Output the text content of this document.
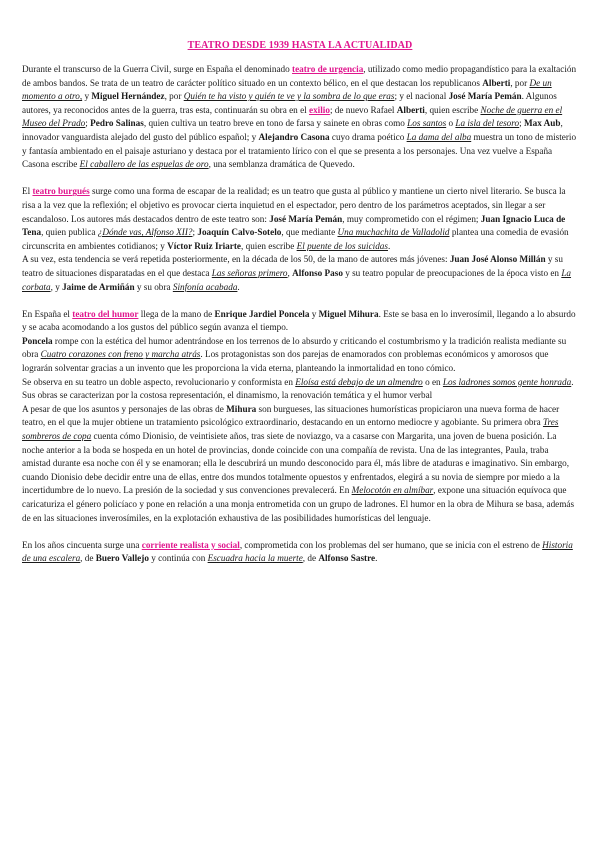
TEATRO DESDE 1939 HASTA LA ACTUALIDAD

Durante el transcurso de la Guerra Civil, surge en España el denominado teatro de urgencia, utilizado como medio propagandístico para la exaltación de ambos bandos. Se trata de un teatro de carácter político situado en un contexto bélico, en el que destacan los republicanos Alberti, por De un momento a otro, y Miguel Hernández, por Quién te ha visto y quién te ve y la sombra de lo que eras; y el nacional José María Pemán. Algunos autores, ya reconocidos antes de la guerra, tras esta, continuarán su obra en el exilio; de nuevo Rafael Alberti, quien escribe Noche de guerra en el Museo del Prado; Pedro Salinas, quien cultiva un teatro breve en tono de farsa y sainete en obras como Los santos o La isla del tesoro; Max Aub, innovador vanguardista alejado del gusto del público español; y Alejandro Casona cuyo drama poético La dama del alba muestra un tono de misterio y fantasía ambientado en el paisaje asturiano y destaca por el tratamiento lírico con el que se presenta a los personajes. Una vez vuelve a España Casona escribe El caballero de las espuelas de oro, una semblanza dramática de Quevedo.

El teatro burgués surge como una forma de escapar de la realidad; es un teatro que gusta al público y mantiene un cierto nivel literario. Se busca la risa a la vez que la reflexión; el objetivo es provocar cierta inquietud en el espectador, pero dentro de los parámetros aceptados, sin llegar a ser escandaloso. Los autores más destacados dentro de este teatro son: José María Pemán, muy comprometido con el régimen; Juan Ignacio Luca de Tena, quien publica ¿Dónde vas, Alfonso XII?; Joaquín Calvo-Sotelo, que mediante Una muchachita de Valladolid plantea una comedia de evasión circunscrita en ambientes cotidianos; y Víctor Ruiz Iriarte, quien escribe El puente de los suicidas.

A su vez, esta tendencia se verá repetida posteriormente, en la década de los 50, de la mano de autores más jóvenes: Juan José Alonso Millán y su teatro de situaciones disparatadas en el que destaca Las señoras primero, Alfonso Paso y su teatro popular de preocupaciones de la época visto en La corbata, y Jaime de Armiñán y su obra Sinfonía acabada.

En España el teatro del humor llega de la mano de Enrique Jardiel Poncela y Miguel Mihura. Este se basa en lo inverosímil, llegando a lo absurdo y se acaba acomodando a los gustos del público según avanza el tiempo.

Poncela rompe con la estética del humor adentrándose en los terrenos de lo absurdo y criticando el costumbrismo y la tradición realista mediante su obra Cuatro corazones con freno y marcha atrás. Los protagonistas son dos parejas de enamorados con problemas económicos y amorosos que lograrán solventar gracias a un invento que les proporciona la vida eterna, planteando la inmortalidad en tono cómico.

Se observa en su teatro un doble aspecto, revolucionario y conformista en Eloísa está debajo de un almendro o en Los ladrones somos gente honrada. Sus obras se caracterizan por la costosa representación, el dinamismo, la renovación temática y el humor verbal

A pesar de que los asuntos y personajes de las obras de Mihura son burgueses, las situaciones humorísticas propiciaron una nueva forma de hacer teatro, en el que la mujer obtiene un tratamiento psicológico extraordinario, destacando en un entorno mediocre y agobiante. Su primera obra Tres sombreros de copa cuenta cómo Dionisio, de veintisiete años, tras siete de noviazgo, va a casarse con Margarita, una joven de buena posición. La noche anterior a la boda se hospeda en un hotel de provincias, donde coincide con una compañía de revista. Una de las integrantes, Paula, traba amistad durante esa noche con él y se enamoran; ella le descubrirá un mundo desconocido para él, más libre de ataduras e imaginativo. Sin embargo, cuando Dionisio debe decidir entre una de ellas, entre dos mundos totalmente opuestos y enfrentados, elegirá a su novia de siempre por miedo a la incertidumbre de lo nuevo. La presión de la sociedad y sus convenciones prevalecerá. En Melocotón en almíbar, expone una situación equívoca que caricaturiza el género policíaco y pone en relación a una monja entrometida con un grupo de ladrones. El humor en la obra de Mihura se basa, además de en las situaciones inverosímiles, en la explotación exhaustiva de las posibilidades humorísticas del lenguaje.

En los años cincuenta surge una corriente realista y social, comprometida con los problemas del ser humano, que se inicia con el estreno de Historia de una escalera, de Buero Vallejo y continúa con Escuadra hacia la muerte, de Alfonso Sastre.
